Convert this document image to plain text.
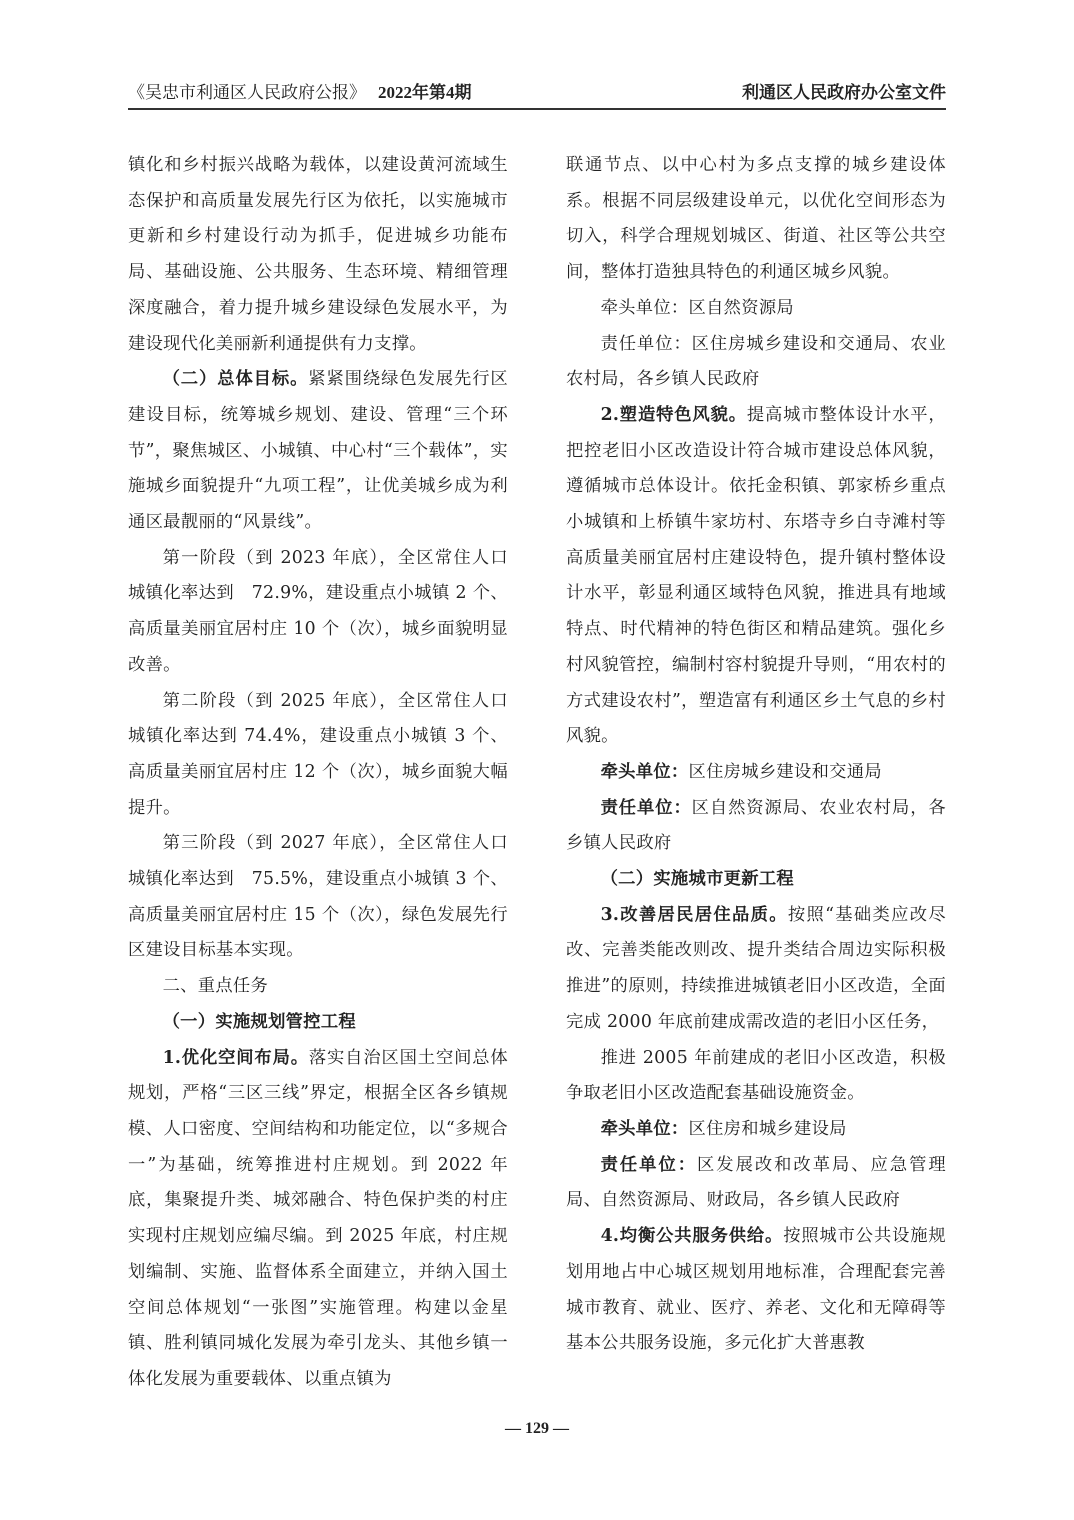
《吴忠市利通区人民政府公报》 2022年第4期	利通区人民政府办公室文件

镇化和乡村振兴战略为载体，以建设黄河流域生态保护和高质量发展先行区为依托，以实施城市更新和乡村建设行动为抓手，促进城乡功能布局、基础设施、公共服务、生态环境、精细管理深度融合，着力提升城乡建设绿色发展水平，为建设现代化美丽新利通提供有力支撑。

（二）总体目标。紧紧围绕绿色发展先行区建设目标，统筹城乡规划、建设、管理“三个环节”，聚焦城区、小城镇、中心村“三个载体”，实施城乡面貌提升“九项工程”，让优美城乡成为利通区最靓丽的“风景线”。

第一阶段（到 2023 年底），全区常住人口城镇化率达到　72.9%，建设重点小城镇 2 个、高质量美丽宜居村庄 10 个（次），城乡面貌明显改善。

第二阶段（到 2025 年底），全区常住人口城镇化率达到 74.4%，建设重点小城镇 3 个、高质量美丽宜居村庄 12 个（次），城乡面貌大幅提升。

第三阶段（到 2027 年底），全区常住人口城镇化率达到　75.5%，建设重点小城镇 3 个、高质量美丽宜居村庄 15 个（次），绿色发展先行区建设目标基本实现。

二、重点任务

（一）实施规划管控工程

1.优化空间布局。落实自治区国土空间总体规划，严格“三区三线”界定，根据全区各乡镇规模、人口密度、空间结构和功能定位，以“多规合一”为基础，统筹推进村庄规划。到 2022 年底，集聚提升类、城郊融合、特色保护类的村庄实现村庄规划应编尽编。到 2025 年底，村庄规划编制、实施、监督体系全面建立，并纳入国土空间总体规划“一张图”实施管理。构建以金星镇、胜利镇同城化发展为牵引龙头、其他乡镇一体化发展为重要载体、以重点镇为

联通节点、以中心村为多点支撑的城乡建设体系。根据不同层级建设单元，以优化空间形态为切入，科学合理规划城区、街道、社区等公共空间，整体打造独具特色的利通区城乡风貌。

牵头单位：区自然资源局

责任单位：区住房城乡建设和交通局、农业农村局，各乡镇人民政府

2.塑造特色风貌。提高城市整体设计水平，把控老旧小区改造设计符合城市建设总体风貌，遵循城市总体设计。依托金积镇、郭家桥乡重点小城镇和上桥镇牛家坊村、东塔寺乡白寺滩村等高质量美丽宜居村庄建设特色，提升镇村整体设计水平，彰显利通区域特色风貌，推进具有地域特点、时代精神的特色街区和精品建筑。强化乡村风貌管控，编制村容村貌提升导则，“用农村的方式建设农村”，塑造富有利通区乡土气息的乡村风貌。

牵头单位：区住房城乡建设和交通局

责任单位：区自然资源局、农业农村局，各乡镇人民政府

（二）实施城市更新工程

3.改善居民居住品质。按照“基础类应改尽改、完善类能改则改、提升类结合周边实际积极推进”的原则，持续推进城镇老旧小区改造，全面完成 2000 年底前建成需改造的老旧小区任务，

推进 2005 年前建成的老旧小区改造，积极争取老旧小区改造配套基础设施资金。

牵头单位：区住房和城乡建设局

责任单位：区发展改和改革局、应急管理局、自然资源局、财政局，各乡镇人民政府

4.均衡公共服务供给。按照城市公共设施规划用地占中心城区规划用地标准，合理配套完善城市教育、就业、医疗、养老、文化和无障碍等基本公共服务设施，多元化扩大普惠教

— 129 —
